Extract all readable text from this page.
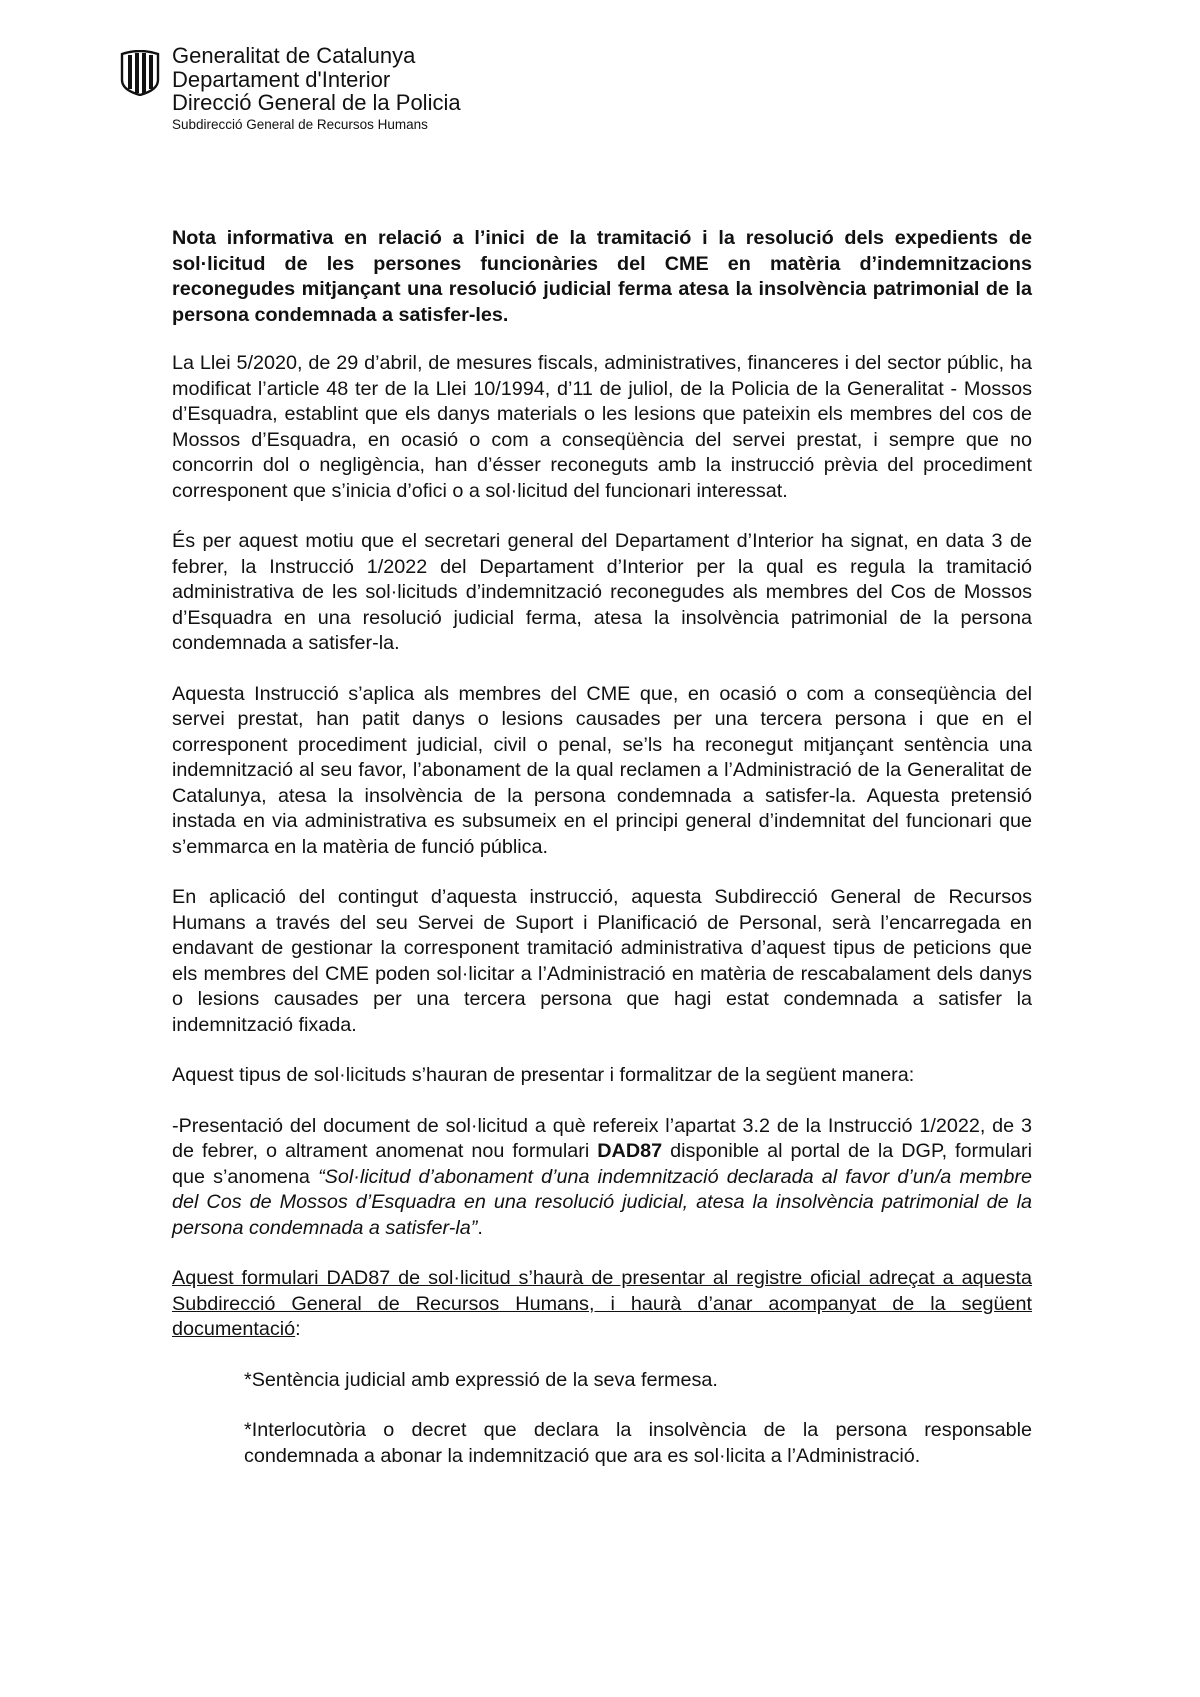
Generalitat de Catalunya
Departament d'Interior
Direcció General de la Policia
Subdirecció General de Recursos Humans

Nota informativa en relació a l’inici de la tramitació i la resolució dels expedients de sol·licitud de les persones funcionàries del CME en matèria d’indemnitzacions reconegudes mitjançant una resolució judicial ferma atesa la insolvència patrimonial de la persona condemnada a satisfer-les.

La Llei 5/2020, de 29 d’abril, de mesures fiscals, administratives, financeres i del sector públic, ha modificat l’article 48 ter de la Llei 10/1994, d’11 de juliol, de la Policia de la Generalitat - Mossos d’Esquadra, establint que els danys materials o les lesions que pateixin els membres del cos de Mossos d’Esquadra, en ocasió o com a conseqüència del servei prestat, i sempre que no concorrin dol o negligència, han d’ésser reconeguts amb la instrucció prèvia del procediment corresponent que s’inicia d’ofici o a sol·licitud del funcionari interessat.

És per aquest motiu que el secretari general del Departament d’Interior ha signat, en data 3 de febrer, la Instrucció 1/2022 del Departament d’Interior per la qual es regula la tramitació administrativa de les sol·licituds d’indemnització reconegudes als membres del Cos de Mossos d’Esquadra en una resolució judicial ferma, atesa la insolvència patrimonial de la persona condemnada a satisfer-la.

Aquesta Instrucció s’aplica als membres del CME que, en ocasió o com a conseqüència del servei prestat, han patit danys o lesions causades per una tercera persona i que en el corresponent procediment judicial, civil o penal, se’ls ha reconegut mitjançant sentència una indemnització al seu favor, l’abonament de la qual reclamen a l’Administració de la Generalitat de Catalunya, atesa la insolvència de la persona condemnada a satisfer-la. Aquesta pretensió instada en via administrativa es subsumeix en el principi general d’indemnitat del funcionari que s’emmarca en la matèria de funció pública.

En aplicació del contingut d’aquesta instrucció, aquesta Subdirecció General de Recursos Humans a través del seu Servei de Suport i Planificació de Personal, serà l’encarregada en endavant de gestionar la corresponent tramitació administrativa d’aquest tipus de peticions que els membres del CME poden sol·licitar a l’Administració en matèria de rescabalament dels danys o lesions causades per una tercera persona que hagi estat condemnada a satisfer la indemnització fixada.

Aquest tipus de sol·licituds s’hauran de presentar i formalitzar de la següent manera:

-Presentació del document de sol·licitud a què refereix l’apartat 3.2 de la Instrucció 1/2022, de 3 de febrer, o altrament anomenat nou formulari DAD87 disponible al portal de la DGP, formulari que s’anomena “Sol·licitud d’abonament d’una indemnització declarada al favor d’un/a membre del Cos de Mossos d’Esquadra en una resolució judicial, atesa la insolvència patrimonial de la persona condemnada a satisfer-la”.

Aquest formulari DAD87 de sol·licitud s’haurà de presentar al registre oficial adreçat a aquesta Subdirecció General de Recursos Humans, i haurà d’anar acompanyat de la següent documentació:

*Sentència judicial amb expressió de la seva fermesa.

*Interlocutòria o decret que declara la insolvència de la persona responsable condemnada a abonar la indemnització que ara es sol·licita a l’Administració.
